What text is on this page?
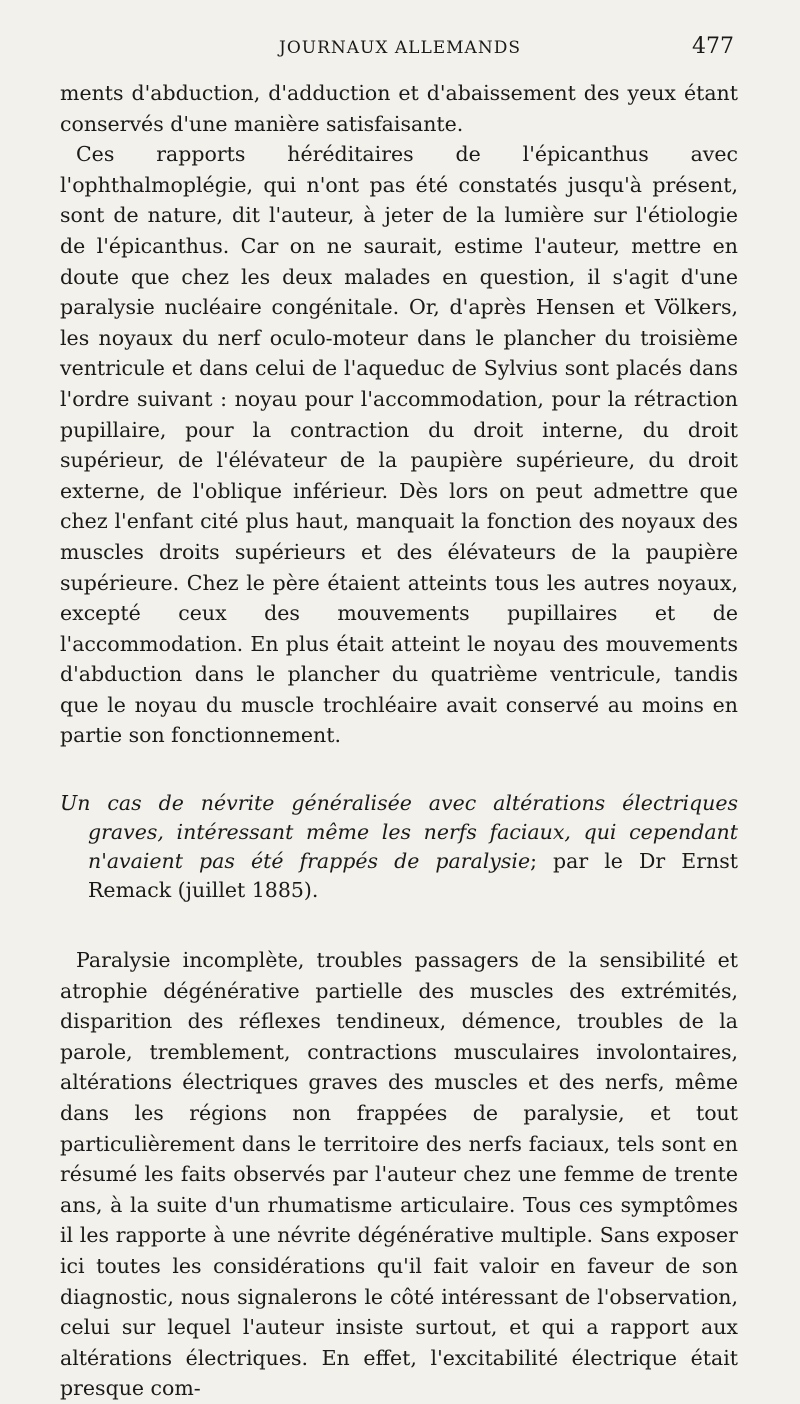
JOURNAUX ALLEMANDS	477

ments d'abduction, d'adduction et d'abaissement des yeux étant conservés d'une manière satisfaisante.

Ces rapports héréditaires de l'épicanthus avec l'ophthalmoplégie, qui n'ont pas été constatés jusqu'à présent, sont de nature, dit l'auteur, à jeter de la lumière sur l'étiologie de l'épicanthus. Car on ne saurait, estime l'auteur, mettre en doute que chez les deux malades en question, il s'agit d'une paralysie nucléaire congénitale. Or, d'après Hensen et Völkers, les noyaux du nerf oculo-moteur dans le plancher du troisième ventricule et dans celui de l'aqueduc de Sylvius sont placés dans l'ordre suivant : noyau pour l'accommodation, pour la rétraction pupillaire, pour la contraction du droit interne, du droit supérieur, de l'élévateur de la paupière supérieure, du droit externe, de l'oblique inférieur. Dès lors on peut admettre que chez l'enfant cité plus haut, manquait la fonction des noyaux des muscles droits supérieurs et des élévateurs de la paupière supérieure. Chez le père étaient atteints tous les autres noyaux, excepté ceux des mouvements pupillaires et de l'accommodation. En plus était atteint le noyau des mouvements d'abduction dans le plancher du quatrième ventricule, tandis que le noyau du muscle trochléaire avait conservé au moins en partie son fonctionnement.

Un cas de névrite généralisée avec altérations électriques graves, intéressant même les nerfs faciaux, qui cependant n'avaient pas été frappés de paralysie; par le Dr Ernst Remack (juillet 1885).

Paralysie incomplète, troubles passagers de la sensibilité et atrophie dégénérative partielle des muscles des extrémités, disparition des réflexes tendineux, démence, troubles de la parole, tremblement, contractions musculaires involontaires, altérations électriques graves des muscles et des nerfs, même dans les régions non frappées de paralysie, et tout particulièrement dans le territoire des nerfs faciaux, tels sont en résumé les faits observés par l'auteur chez une femme de trente ans, à la suite d'un rhumatisme articulaire. Tous ces symptômes il les rapporte à une névrite dégénérative multiple. Sans exposer ici toutes les considérations qu'il fait valoir en faveur de son diagnostic, nous signalerons le côté intéressant de l'observation, celui sur lequel l'auteur insiste surtout, et qui a rapport aux altérations électriques. En effet, l'excitabilité électrique était presque com-
